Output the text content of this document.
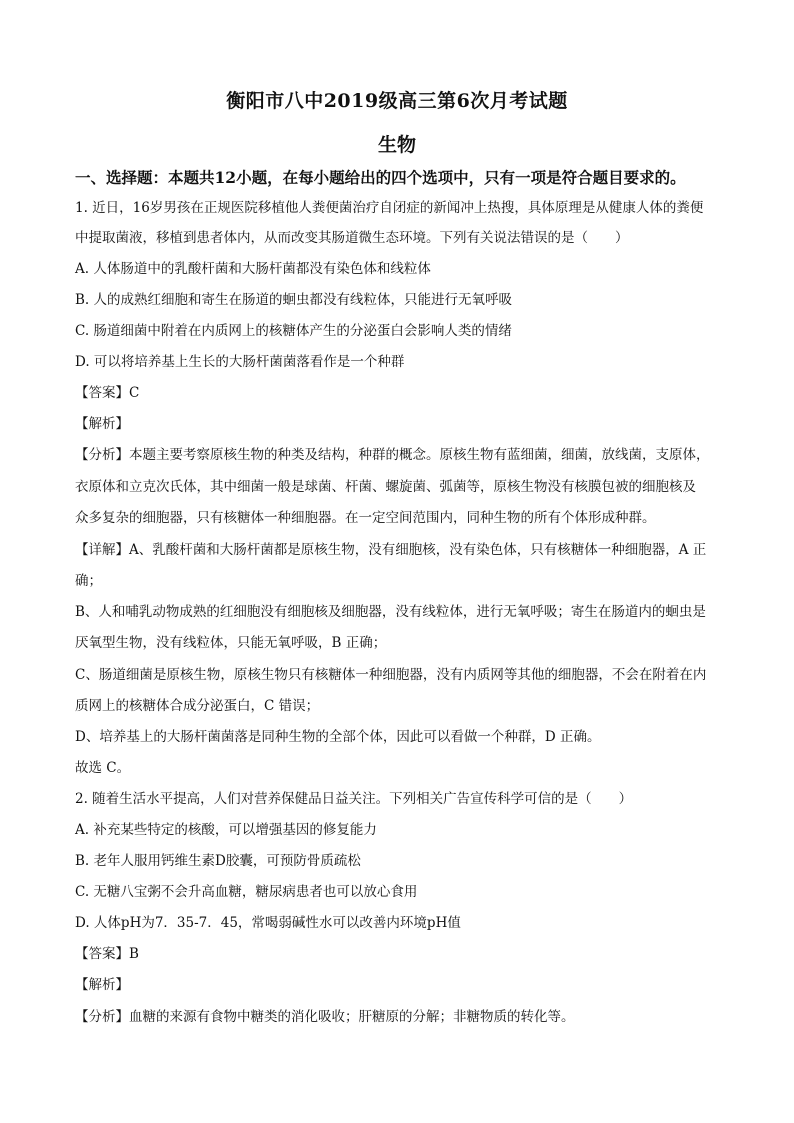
衡阳市八中2019级高三第6次月考试题
生物
一、选择题：本题共12小题，在每小题给出的四个选项中，只有一项是符合题目要求的。
1. 近日，16岁男孩在正规医院移植他人粪便菌治疗自闭症的新闻冲上热搜，具体原理是从健康人体的粪便
中提取菌液，移植到患者体内，从而改变其肠道微生态环境。下列有关说法错误的是（　　）
A. 人体肠道中的乳酸杆菌和大肠杆菌都没有染色体和线粒体
B. 人的成熟红细胞和寄生在肠道的蛔虫都没有线粒体，只能进行无氧呼吸
C. 肠道细菌中附着在内质网上的核糖体产生的分泌蛋白会影响人类的情绪
D. 可以将培养基上生长的大肠杆菌菌落看作是一个种群
【答案】C
【解析】
【分析】本题主要考察原核生物的种类及结构，种群的概念。原核生物有蓝细菌，细菌，放线菌，支原体，
衣原体和立克次氏体，其中细菌一般是球菌、杆菌、螺旋菌、弧菌等，原核生物没有核膜包被的细胞核及
众多复杂的细胞器，只有核糖体一种细胞器。在一定空间范围内，同种生物的所有个体形成种群。
【详解】A、乳酸杆菌和大肠杆菌都是原核生物，没有细胞核，没有染色体，只有核糖体一种细胞器，A 正
确；
B、人和哺乳动物成熟的红细胞没有细胞核及细胞器，没有线粒体，进行无氧呼吸；寄生在肠道内的蛔虫是
厌氧型生物，没有线粒体，只能无氧呼吸，B 正确；
C、肠道细菌是原核生物，原核生物只有核糖体一种细胞器，没有内质网等其他的细胞器，不会在附着在内
质网上的核糖体合成分泌蛋白，C 错误；
D、培养基上的大肠杆菌菌落是同种生物的全部个体，因此可以看做一个种群，D 正确。
故选 C。
2. 随着生活水平提高，人们对营养保健品日益关注。下列相关广告宣传科学可信的是（　　）
A. 补充某些特定的核酸，可以增强基因的修复能力
B. 老年人服用钙维生素D胶囊，可预防骨质疏松
C. 无糖八宝粥不会升高血糖，糖尿病患者也可以放心食用
D. 人体pH为7．35-7．45，常喝弱碱性水可以改善内环境pH值
【答案】B
【解析】
【分析】血糖的来源有食物中糖类的消化吸收；肝糖原的分解；非糖物质的转化等。
